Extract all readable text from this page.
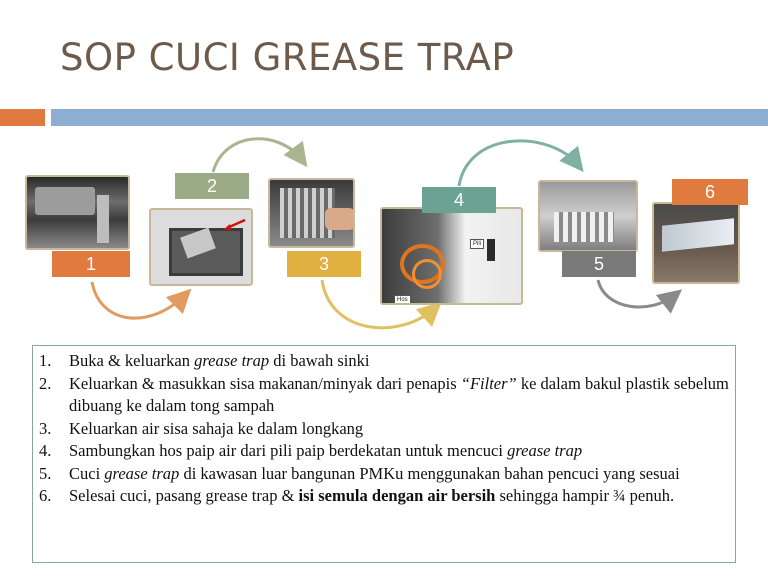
SOP CUCI GREASE TRAP
Pili
Hos
1
2
3
4
5
6
1. Buka & keluarkan grease trap di bawah sinki
2. Keluarkan & masukkan sisa makanan/minyak dari penapis “Filter” ke dalam bakul plastik sebelum dibuang ke dalam tong sampah
3. Keluarkan air sisa sahaja ke dalam longkang
4. Sambungkan hos paip air dari pili paip berdekatan untuk mencuci grease trap
5. Cuci grease trap di kawasan luar bangunan PMKu menggunakan bahan pencuci yang sesuai
6. Selesai cuci, pasang grease trap & isi semula dengan air bersih sehingga hampir ¾ penuh.
